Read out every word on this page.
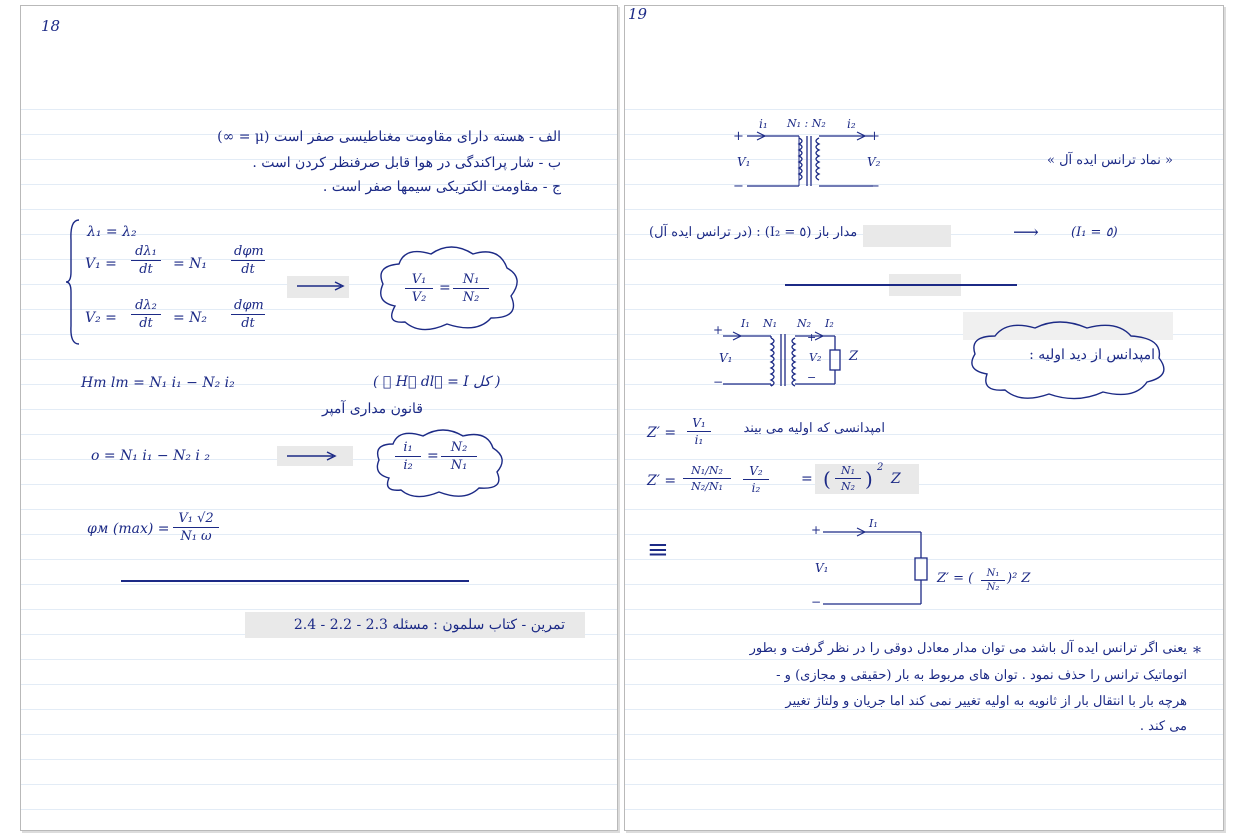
18
الف - هسته دارای مقاومت مغناطیسی صفر است (μ = ∞)
ب - شار پراکندگی در هوا قابل صرفنظر کردن است .
ج - مقاومت الکتریکی سیمها صفر است .
λ₁ = λ₂
$V_1 = \frac{\text{dλ₁}}{dt} = N_1$
dφm
dt
$\frac{\text{V₁}}{\text{V₂}} = \frac{\text{N₁}}{\text{N₂}}$
$V_2 = \frac{\text{dλ₂}}{dt} = N_2$
dφm
dt
Hm lm = N₁ i₁ − N₂ i₂	( ∮ H⃗ dl⃗ = I کل )
قانون مداری آمپر
o = N₁ i₁ − N₂ i ₂	$\frac{\text{i₁}}{\text{i₂}} = \frac{\text{N₂}}{\text{N₁}}$
φм $(\max) = \frac{\text{V₁ √2}}{\text{N₁ ω}}$
تمرین - کتاب سلمون : مسئله 2.3 - 2.2 - 2.4
19
i₁ N₁ : N₂ i₂
+	+
V₁	V₂
−	−
« نماد ترانس ایده آل »
(در ترانس ایده آل) : (I₂ = ٥) مدار باز	⟶ (I₁ = ٥)
+ I₁ N₁ N₂ I₂
+
V₁	V₂ Z
−	−
امپدانس از دید اولیه :
$Z' = \frac{\text{V₁}}{\text{i₁}}$ امپدانسی که اولیه می بیند
$Z' = \frac{\text{N₁/N₂}}{\text{N₂/N₁}} \frac{\text{V₂}}{\text{i₂}}$ = ( $\frac{\text{N₁}}{\text{N₂}}$ ) 2
Z
≡
+	I₁
V₁
−
Z′ = ( $\frac{\text{N₁}}{\text{N₂}} )^2$ Z
*
یعنی اگر ترانس ایده آل باشد می توان مدار معادل دوقی را در نظر گرفت و بطور
اتوماتیک ترانس را حذف نمود . توان های مربوط به بار (حقیقی و مجازی) و -
هرچه بار با انتقال بار از ثانویه به اولیه تغییر نمی کند اما جریان و ولتاژ تغییر
می کند .
